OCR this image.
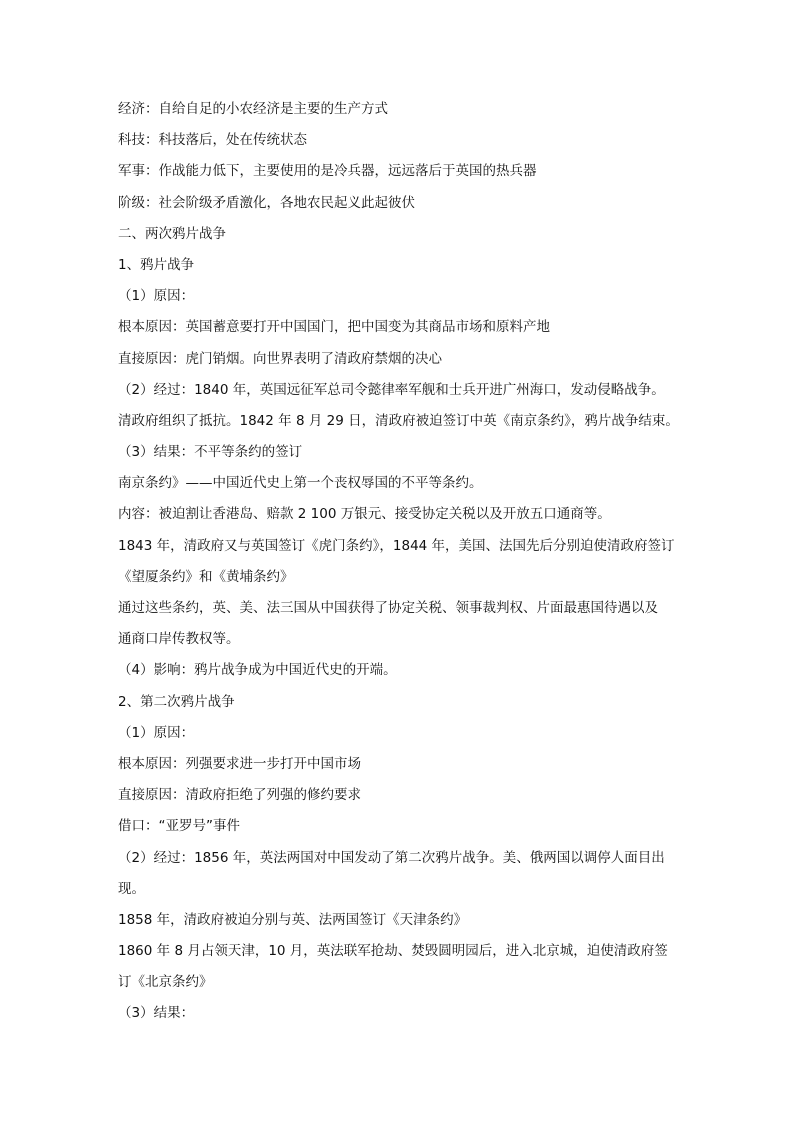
经济：自给自足的小农经济是主要的生产方式
科技：科技落后，处在传统状态
军事：作战能力低下，主要使用的是冷兵器，远远落后于英国的热兵器
阶级：社会阶级矛盾激化，各地农民起义此起彼伏
二、两次鸦片战争
1、鸦片战争
（1）原因：
根本原因：英国蓄意要打开中国国门，把中国变为其商品市场和原料产地
直接原因：虎门销烟。向世界表明了清政府禁烟的决心
（2）经过：1840 年，英国远征军总司令懿律率军舰和士兵开进广州海口，发动侵略战争。
清政府组织了抵抗。1842 年 8 月 29 日，清政府被迫签订中英《南京条约》，鸦片战争结束。
（3）结果：不平等条约的签订
南京条约》——中国近代史上第一个丧权辱国的不平等条约。
内容：被迫割让香港岛、赔款 2 100 万银元、接受协定关税以及开放五口通商等。
1843 年，清政府又与英国签订《虎门条约》，1844 年，美国、法国先后分别迫使清政府签订
《望厦条约》和《黄埔条约》
通过这些条约，英、美、法三国从中国获得了协定关税、领事裁判权、片面最惠国待遇以及
通商口岸传教权等。
（4）影响：鸦片战争成为中国近代史的开端。
2、第二次鸦片战争
（1）原因：
根本原因：列强要求进一步打开中国市场
直接原因：清政府拒绝了列强的修约要求
借口：“亚罗号”事件
（2）经过：1856 年，英法两国对中国发动了第二次鸦片战争。美、俄两国以调停人面目出
现。
1858 年，清政府被迫分别与英、法两国签订《天津条约》
1860 年 8 月占领天津，10 月，英法联军抢劫、焚毁圆明园后，进入北京城，迫使清政府签
订《北京条约》
（3）结果：
